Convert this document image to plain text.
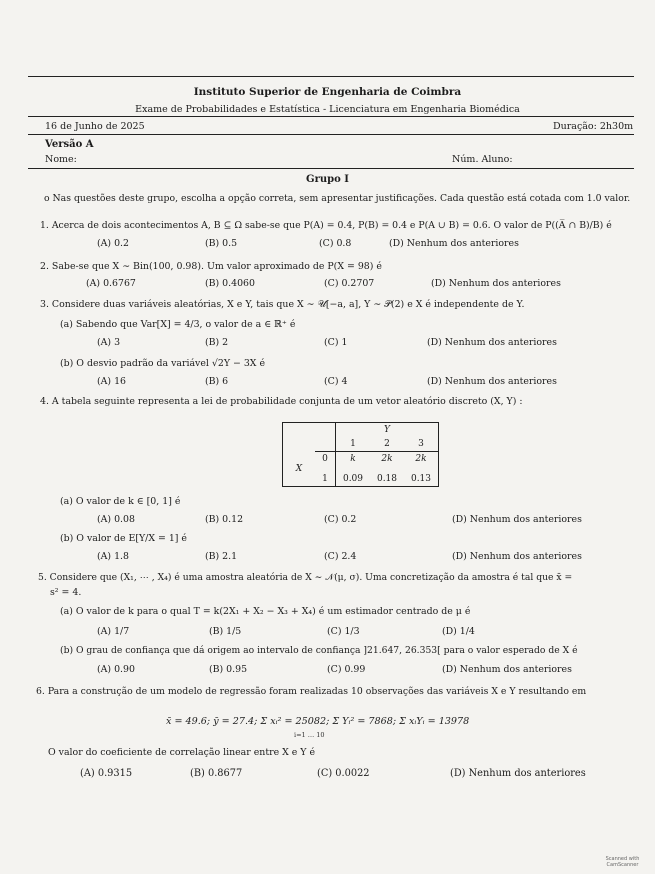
Instituto Superior de Engenharia de Coimbra
Exame de Probabilidades e Estatística - Licenciatura em Engenharia Biomédica
16 de Junho de 2025	Duração: 2h30m
Versão A
Nome:	Núm. Aluno:
Grupo I
o Nas questões deste grupo, escolha a opção correta, sem apresentar justificações. Cada questão está cotada com 1.0 valor.
1. Acerca de dois acontecimentos A, B ⊆ Ω sabe-se que P(A) = 0.4, P(B) = 0.4 e P(A ∪ B) = 0.6. O valor de P((A̅ ∩ B)/B) é
(A) 0.2	(B) 0.5	(C) 0.8	(D) Nenhum dos anteriores
2. Sabe-se que X ∼ Bin(100, 0.98). Um valor aproximado de P(X = 98) é
(A) 0.6767	(B) 0.4060	(C) 0.2707	(D) Nenhum dos anteriores
3. Considere duas variáveis aleatórias, X e Y, tais que X ∼ 𝒰[−a, a], Y ∼ 𝒫(2) e X é independente de Y.
(a) Sabendo que Var[X] = 4/3, o valor de a ∈ ℝ⁺ é
(A) 3	(B) 2	(C) 1	(D) Nenhum dos anteriores
(b) O desvio padrão da variável √2Y − 3X é
(A) 16	(B) 6	(C) 4	(D) Nenhum dos anteriores
4. A tabela seguinte representa a lei de probabilidade conjunta de um vetor aleatório discreto (X, Y) :
		Y		
		1	2	3
X	0	k	2k	2k
	1	0.09	0.18	0.13
(a) O valor de k ∈ [0, 1] é
(A) 0.08	(B) 0.12	(C) 0.2	(D) Nenhum dos anteriores
(b) O valor de E[Y/X = 1] é
(A) 1.8	(B) 2.1	(C) 2.4	(D) Nenhum dos anteriores
5. Considere que (X₁, ⋯ , X₄) é uma amostra aleatória de X ∼ 𝒩(μ, σ). Uma concretização da amostra é tal que x̄ =
s² = 4.
(a) O valor de k para o qual T = k(2X₁ + X₂ − X₃ + X₄) é um estimador centrado de μ é
(A) 1/7	(B) 1/5	(C) 1/3	(D) 1/4
(b) O grau de confiança que dá origem ao intervalo de confiança ]21.647, 26.353[ para o valor esperado de X é
(A) 0.90	(B) 0.95	(C) 0.99	(D) Nenhum dos anteriores
6. Para a construção de um modelo de regressão foram realizadas 10 observações das variáveis X e Y resultando em
x̄ = 49.6; ȳ = 27.4; Σ xᵢ² = 25082; Σ Yᵢ² = 7868; Σ xᵢYᵢ = 13978
i=1 … 10
O valor do coeficiente de correlação linear entre X e Y é
(A) 0.9315	(B) 0.8677	(C) 0.0022	(D) Nenhum dos anteriores
Scanned with CamScanner
